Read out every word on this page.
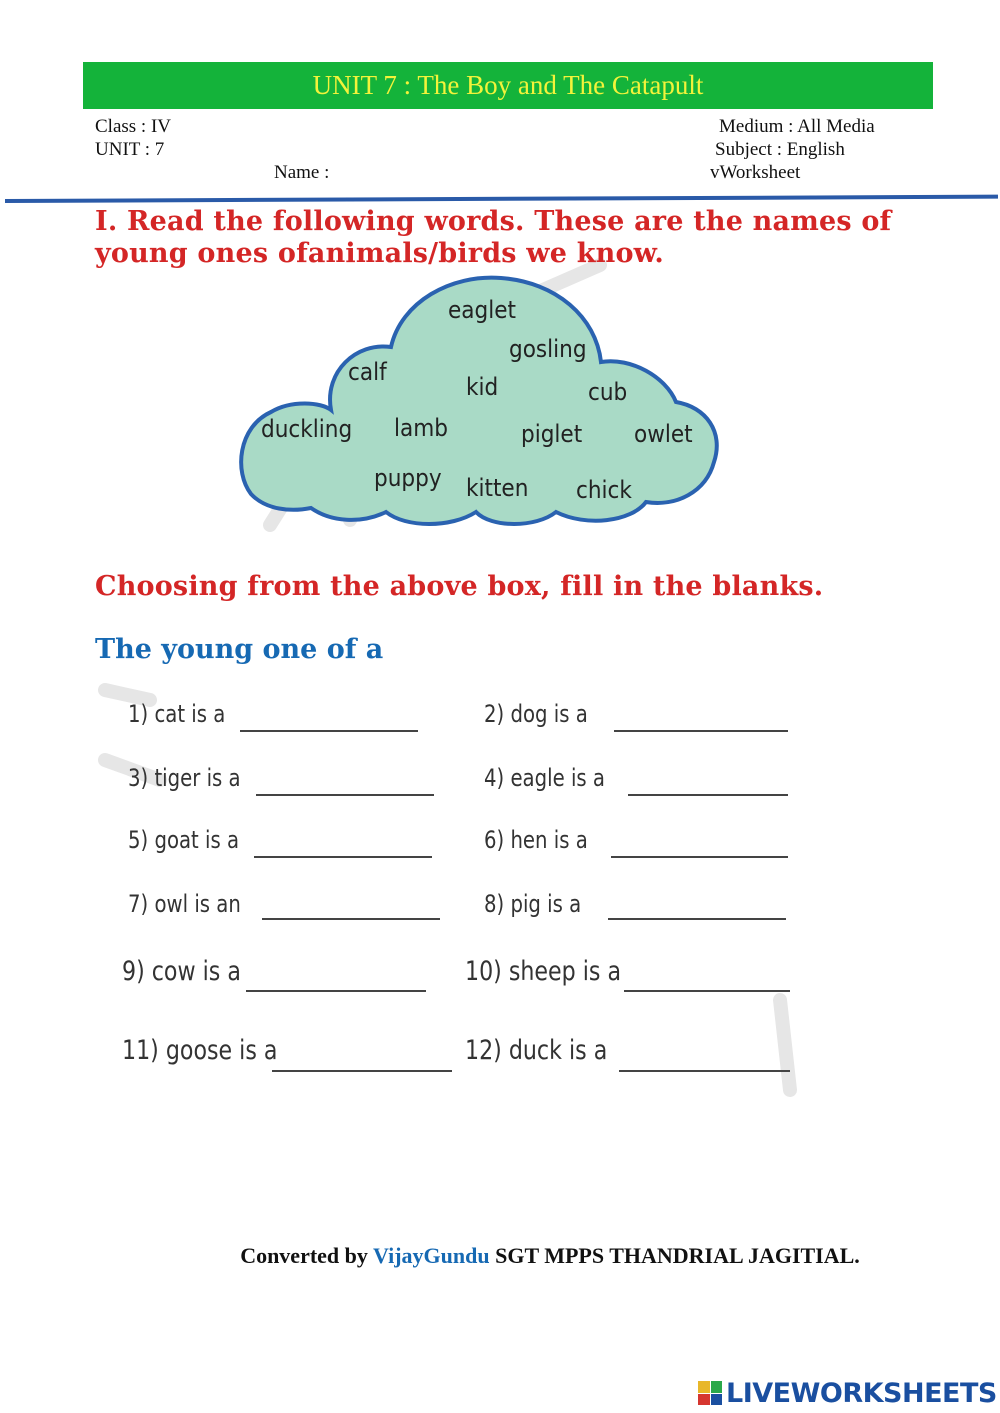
UNIT 7 : The Boy and The Catapult
Class : IV
UNIT : 7
Name :
Medium : All Media
Subject : English
vWorksheet
I. Read the following words. These are the names of
young ones ofanimals/birds we know.
eaglet
gosling
calf
kid	cub
duckling lamb	piglet owlet
puppy kitten chick
Choosing from the above box, fill in the blanks.
The young one of a
1) cat is a
3) tiger is a
5) goat is a
7) owl is an
9) cow is a
11) goose is a
2) dog is a
4) eagle is a
6) hen is a
8) pig is a
10) sheep is a
12) duck is a
Converted by VijayGundu SGT MPPS THANDRIAL JAGITIAL.
LIVEWORKSHEETS
